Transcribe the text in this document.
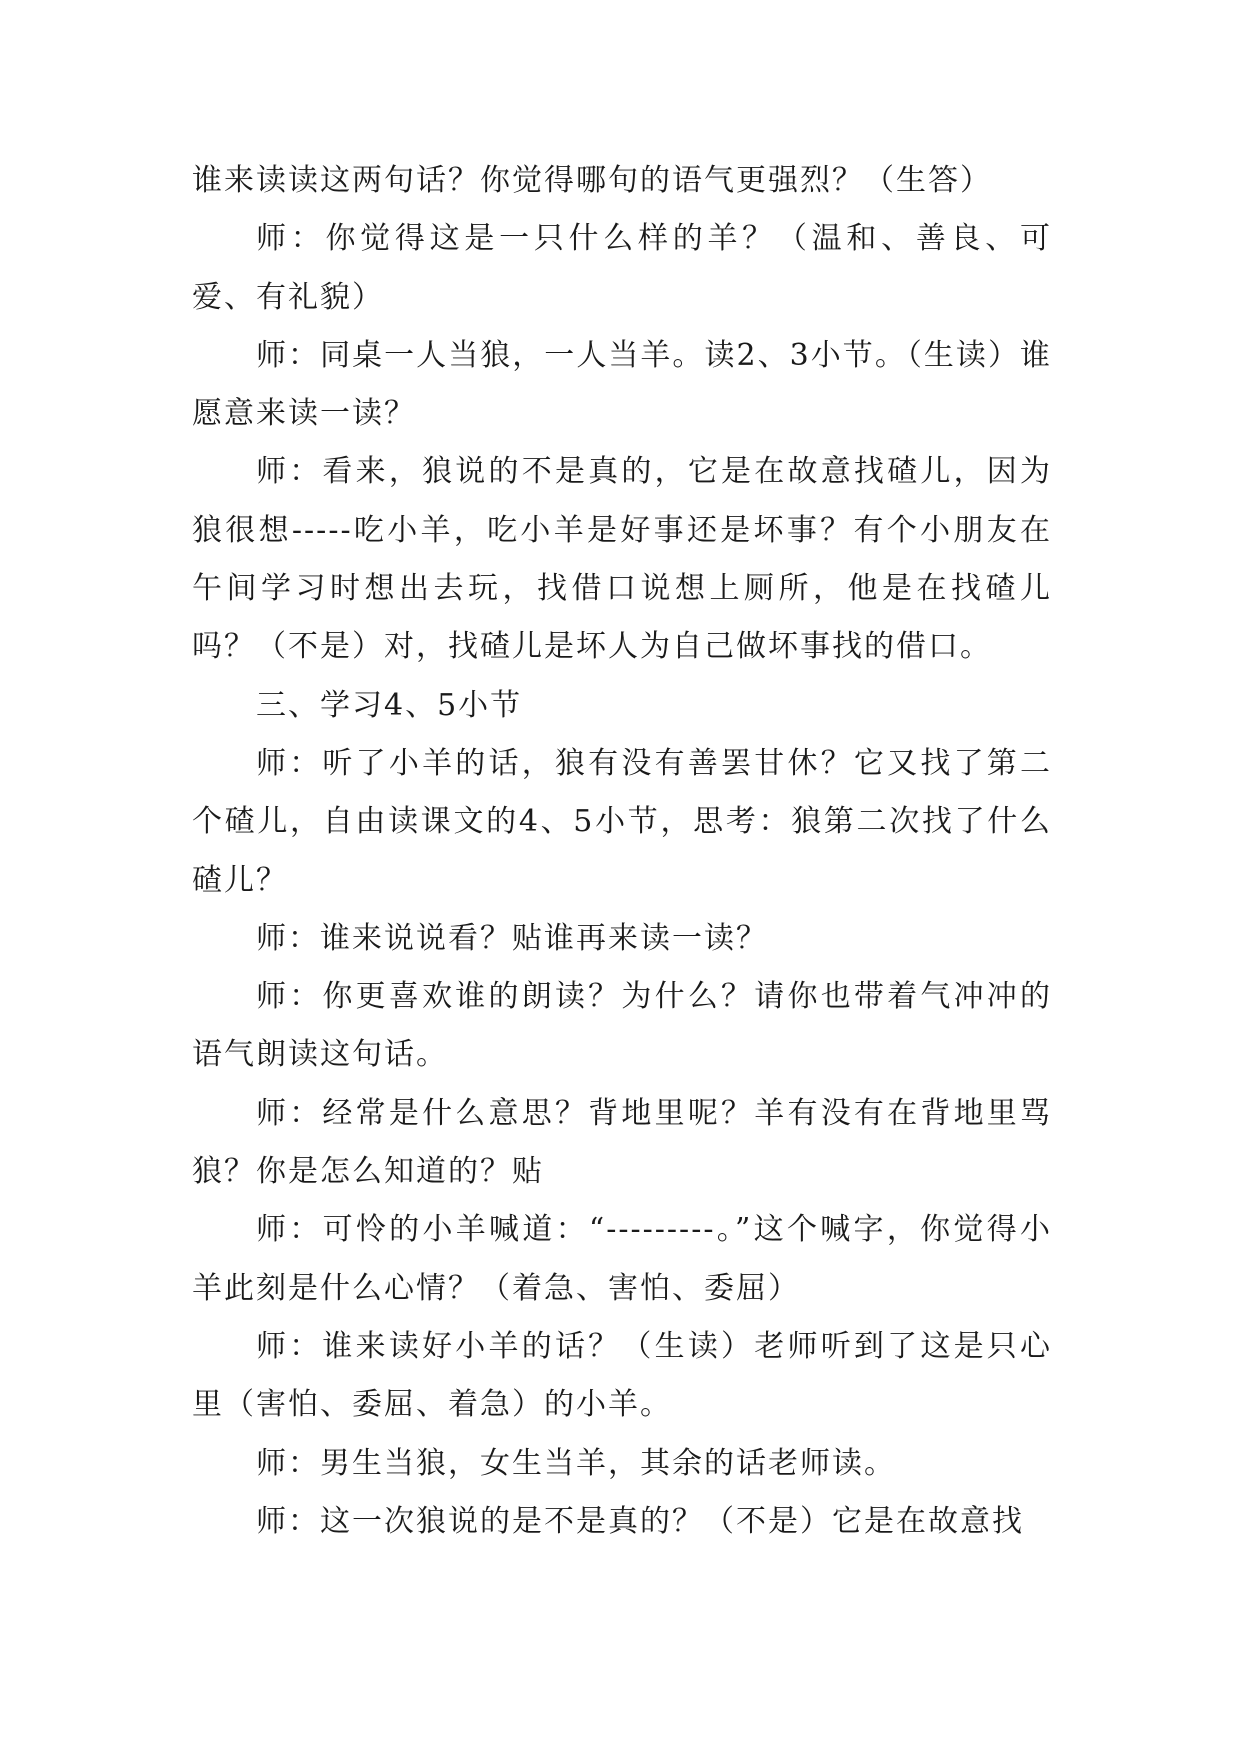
谁来读读这两句话？你觉得哪句的语气更强烈？（生答）

师：你觉得这是一只什么样的羊？（温和、善良、可爱、有礼貌）

师：同桌一人当狼，一人当羊。读2、3小节。（生读）谁愿意来读一读？

师：看来，狼说的不是真的，它是在故意找碴儿，因为狼很想-----吃小羊，吃小羊是好事还是坏事？有个小朋友在午间学习时想出去玩，找借口说想上厕所，他是在找碴儿吗？（不是）对，找碴儿是坏人为自己做坏事找的借口。

三、学习4、5小节

师：听了小羊的话，狼有没有善罢甘休？它又找了第二个碴儿，自由读课文的4、5小节，思考：狼第二次找了什么碴儿？

师：谁来说说看？贴谁再来读一读？

师：你更喜欢谁的朗读？为什么？请你也带着气冲冲的语气朗读这句话。

师：经常是什么意思？背地里呢？羊有没有在背地里骂狼？你是怎么知道的？贴

师：可怜的小羊喊道：“---------。”这个喊字，你觉得小羊此刻是什么心情？（着急、害怕、委屈）

师：谁来读好小羊的话？（生读）老师听到了这是只心里（害怕、委屈、着急）的小羊。

师：男生当狼，女生当羊，其余的话老师读。

师：这一次狼说的是不是真的？（不是）它是在故意找
